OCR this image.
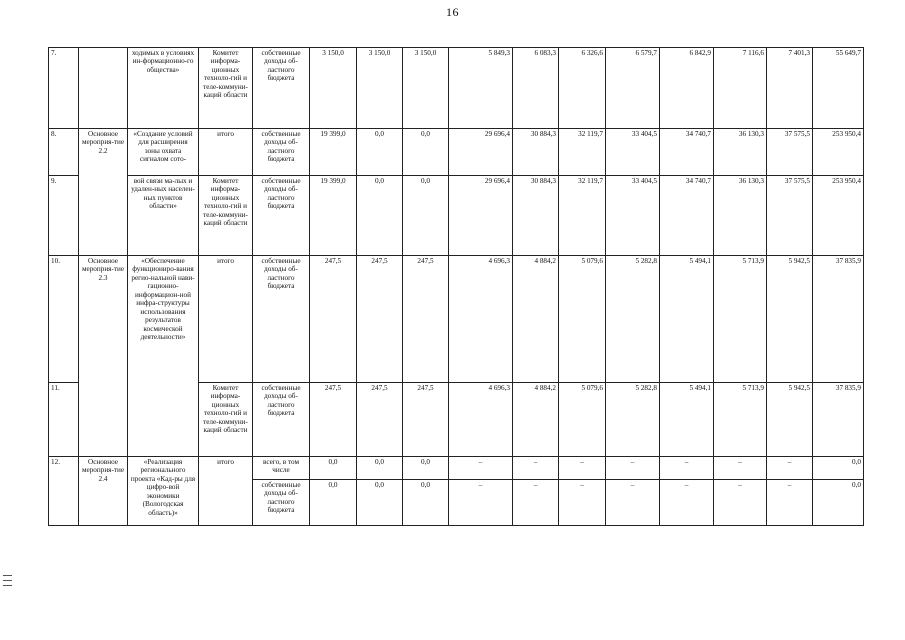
16
7.		ходимых в условиях ин-формационно-го общества»	Комитет информа-ционных техноло-гий и теле-коммуни-каций области	собственные доходы об-ластного бюджета	3 150,0	3 150,0	3 150,0	5 849,3	6 083,3	6 326,6	6 579,7	6 842,9	7 116,6	7 401,3	55 649,7
8.	Основное мероприя-тие 2.2	«Создание условий для расширения зоны охвата сигналом сото-	итого	собственные доходы об-ластного бюджета	19 399,0	0,0	0,0	29 696,4	30 884,3	32 119,7	33 404,5	34 740,7	36 130,3	37 575,5	253 950,4
9.		вой связи ма-лых и удален-ных населен-ных пунктов области»	Комитет информа-ционных техноло-гий и теле-коммуни-каций области	собственные доходы об-ластного бюджета	19 399,0	0,0	0,0	29 696,4	30 884,3	32 119,7	33 404,5	34 740,7	36 130,3	37 575,5	253 950,4
10.	Основное мероприя-тие 2.3	«Обеспечение функциониро-вания регио-нальной нави-гационно-информацион-ной инфра-структуры использования результатов космической деятельности»	итого	собственные доходы об-ластного бюджета	247,5	247,5	247,5	4 696,3	4 884,2	5 079,6	5 282,8	5 494,1	5 713,9	5 942,5	37 835,9
11.			Комитет информа-ционных техноло-гий и теле-коммуни-каций области	собственные доходы об-ластного бюджета	247,5	247,5	247,5	4 696,3	4 884,2	5 079,6	5 282,8	5 494,1	5 713,9	5 942,5	37 835,9
12.	Основное мероприя-тие 2.4	«Реализация регионального проекта «Кад-ры для цифро-вой экономики (Вологодская область)»	итого	всего, в том числе	0,0	0,0	0,0	–	–	–	–	–	–	–	0,0
				собственные доходы об-ластного бюджета	0,0	0,0	0,0	–	–	–	–	–	–	–	0,0
